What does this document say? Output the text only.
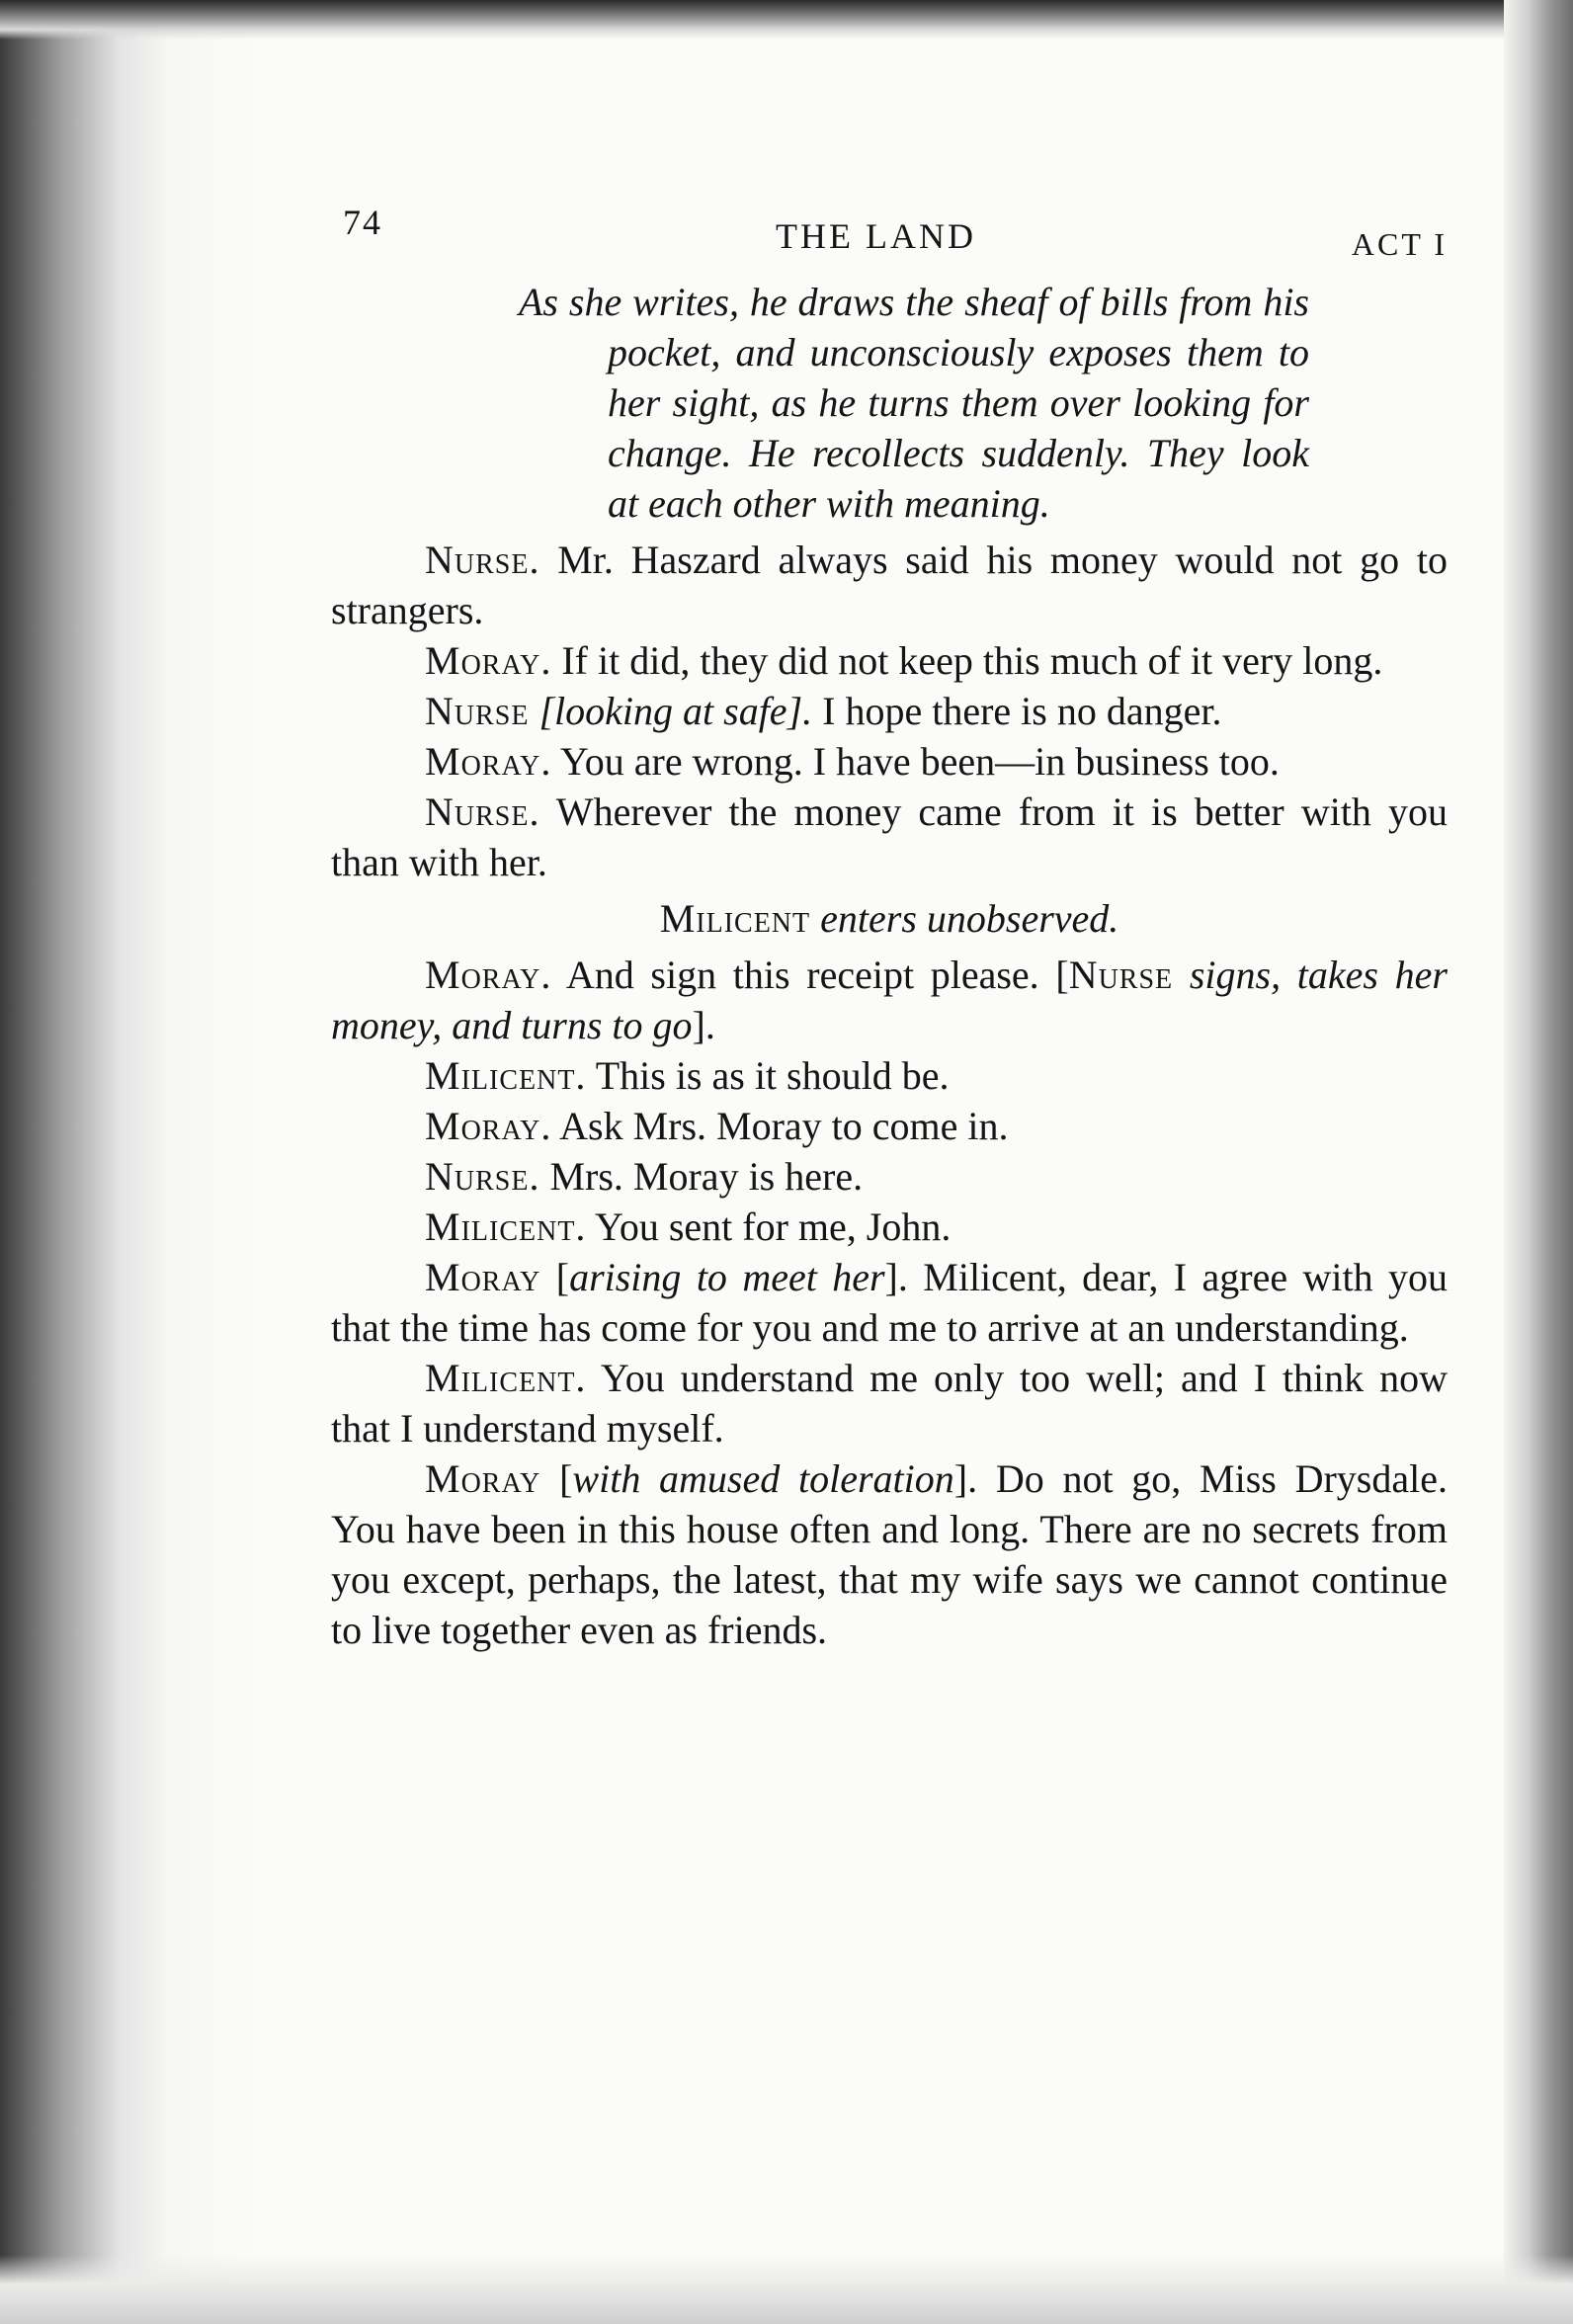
74	THE LAND	ACT I
As she writes, he draws the sheaf of bills from his pocket, and unconsciously exposes them to her sight, as he turns them over looking for change. He recollects suddenly. They look at each other with meaning.

Nurse. Mr. Haszard always said his money would not go to strangers.

Moray. If it did, they did not keep this much of it very long.

Nurse [looking at safe]. I hope there is no danger.

Moray. You are wrong. I have been—in business too.

Nurse. Wherever the money came from it is better with you than with her.

Milicent enters unobserved.

Moray. And sign this receipt please. [Nurse signs, takes her money, and turns to go].

Milicent. This is as it should be.

Moray. Ask Mrs. Moray to come in.

Nurse. Mrs. Moray is here.

Milicent. You sent for me, John.

Moray [arising to meet her]. Milicent, dear, I agree with you that the time has come for you and me to arrive at an understanding.

Milicent. You understand me only too well; and I think now that I understand myself.

Moray [with amused toleration]. Do not go, Miss Drysdale. You have been in this house often and long. There are no secrets from you except, perhaps, the latest, that my wife says we cannot continue to live together even as friends.
